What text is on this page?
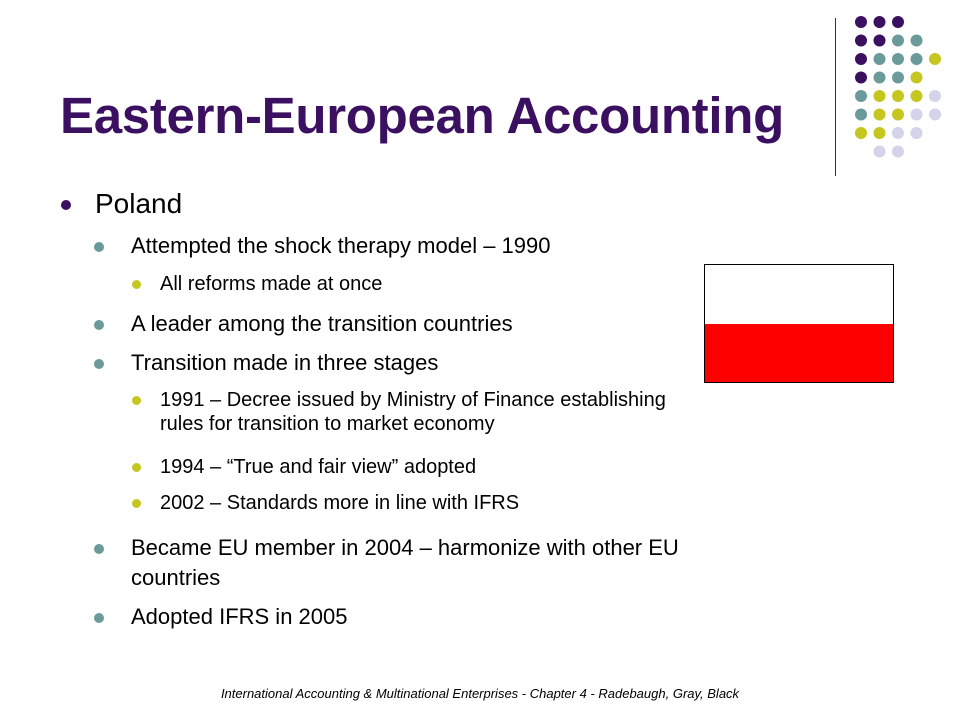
Eastern-European Accounting
Poland
Attempted the shock therapy model – 1990
All reforms made at once
A leader among the transition countries
Transition made in three stages
1991 – Decree issued by Ministry of Finance establishing
rules for transition to market economy
1994 – “True and fair view” adopted
2002 – Standards more in line with IFRS
Became EU member in 2004 – harmonize with other EU
countries
Adopted IFRS in 2005
International Accounting & Multinational Enterprises - Chapter 4 - Radebaugh, Gray, Black
